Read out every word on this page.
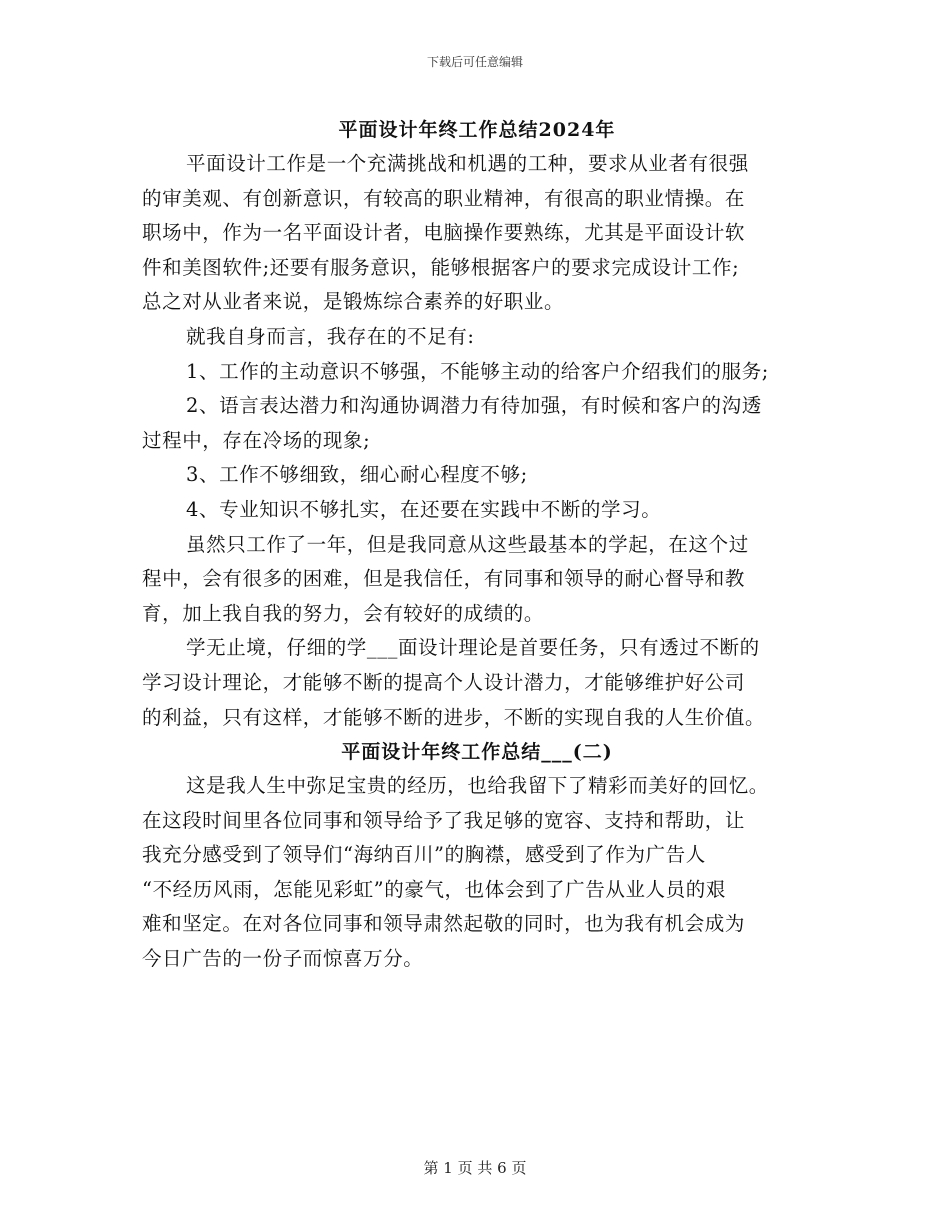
下载后可任意编辑
平面设计年终工作总结2024年
平面设计工作是一个充满挑战和机遇的工种，要求从业者有很强
的审美观、有创新意识，有较高的职业精神，有很高的职业情操。在
职场中，作为一名平面设计者，电脑操作要熟练，尤其是平面设计软
件和美图软件;还要有服务意识，能够根据客户的要求完成设计工作;
总之对从业者来说，是锻炼综合素养的好职业。
就我自身而言，我存在的不足有:
1、工作的主动意识不够强，不能够主动的给客户介绍我们的服务;
2、语言表达潜力和沟通协调潜力有待加强，有时候和客户的沟透
过程中，存在冷场的现象;
3、工作不够细致，细心耐心程度不够;
4、专业知识不够扎实，在还要在实践中不断的学习。
虽然只工作了一年，但是我同意从这些最基本的学起，在这个过
程中，会有很多的困难，但是我信任，有同事和领导的耐心督导和教
育，加上我自我的努力，会有较好的成绩的。
学无止境，仔细的学___面设计理论是首要任务，只有透过不断的
学习设计理论，才能够不断的提高个人设计潜力，才能够维护好公司
的利益，只有这样，才能够不断的进步，不断的实现自我的人生价值。
平面设计年终工作总结___(二)
这是我人生中弥足宝贵的经历，也给我留下了精彩而美好的回忆。
在这段时间里各位同事和领导给予了我足够的宽容、支持和帮助，让
我充分感受到了领导们“海纳百川”的胸襟，感受到了作为广告人
“不经历风雨，怎能见彩虹”的豪气，也体会到了广告从业人员的艰
难和坚定。在对各位同事和领导肃然起敬的同时，也为我有机会成为
今日广告的一份子而惊喜万分。
第 1 页 共 6 页
